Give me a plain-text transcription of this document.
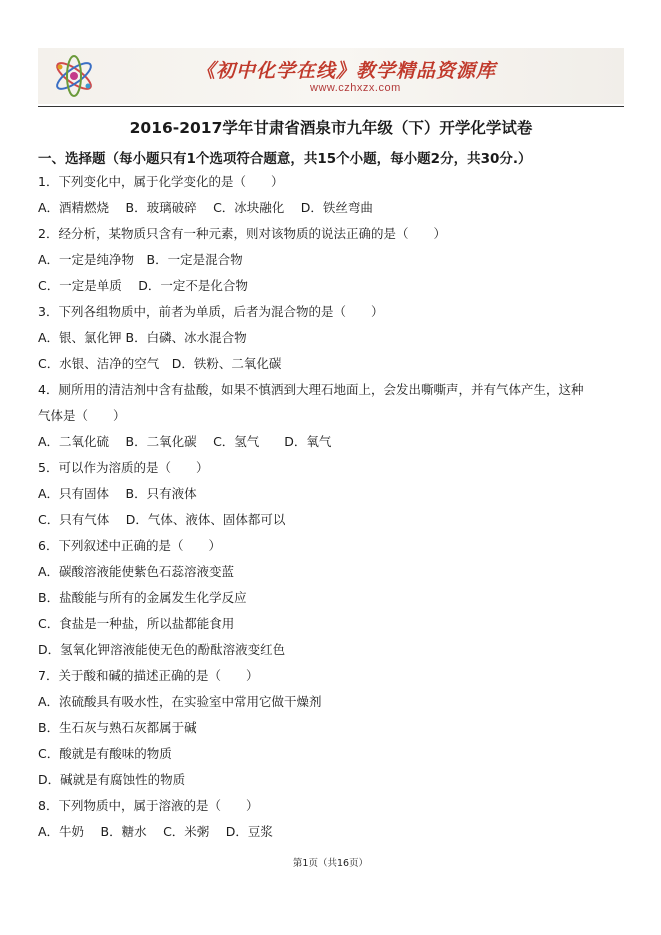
《初中化学在线》教学精品资源库
www.czhxzx.com
2016-2017学年甘肃省酒泉市九年级（下）开学化学试卷
一、选择题（每小题只有1个选项符合题意，共15个小题，每小题2分，共30分.）
1．下列变化中，属于化学变化的是（　　）
A．酒精燃烧　 B．玻璃破碎　 C．冰块融化　 D．铁丝弯曲
2．经分析，某物质只含有一种元素，则对该物质的说法正确的是（　　）
A．一定是纯净物　B．一定是混合物
C．一定是单质　 D．一定不是化合物
3．下列各组物质中，前者为单质，后者为混合物的是（　　）
A．银、氯化钾 B．白磷、冰水混合物
C．水银、洁净的空气　D．铁粉、二氧化碳
4．厕所用的清洁剂中含有盐酸，如果不慎洒到大理石地面上，会发出嘶嘶声，并有气体产生，这种
气体是（　　）
A．二氧化硫　 B．二氧化碳　 C．氢气　　D．氧气
5．可以作为溶质的是（　　）
A．只有固体　 B．只有液体
C．只有气体　 D．气体、液体、固体都可以
6．下列叙述中正确的是（　　）
A．碳酸溶液能使紫色石蕊溶液变蓝
B．盐酸能与所有的金属发生化学反应
C．食盐是一种盐，所以盐都能食用
D．氢氧化钾溶液能使无色的酚酞溶液变红色
7．关于酸和碱的描述正确的是（　　）
A．浓硫酸具有吸水性，在实验室中常用它做干燥剂
B．生石灰与熟石灰都属于碱
C．酸就是有酸味的物质
D．碱就是有腐蚀性的物质
8．下列物质中，属于溶液的是（　　）
A．牛奶　 B．糖水　 C．米粥　 D．豆浆
第1页（共16页）
